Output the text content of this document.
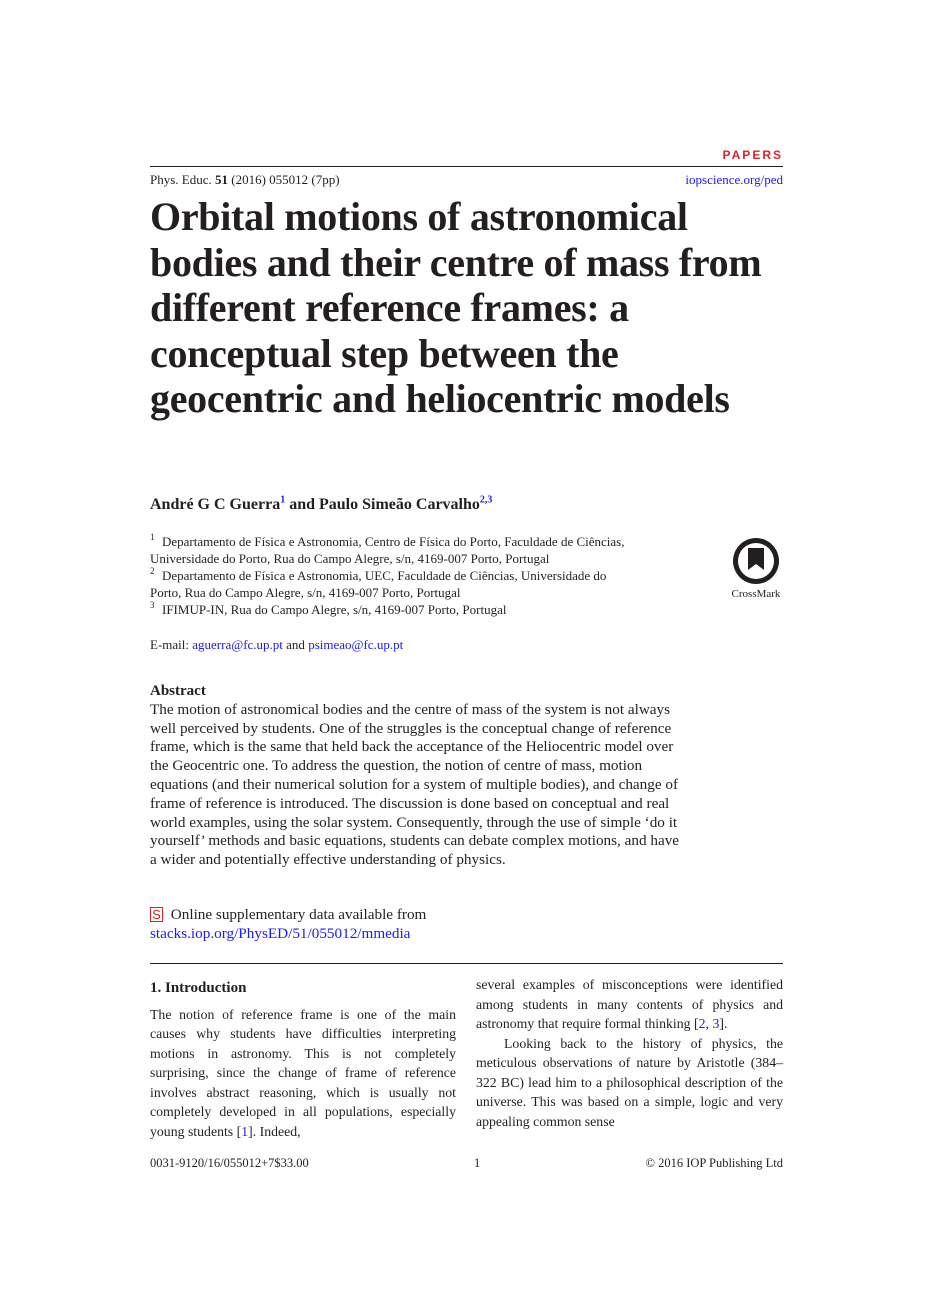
PAPERS
Phys. Educ. 51 (2016) 055012 (7pp)	iopscience.org/ped
Orbital motions of astronomical bodies and their centre of mass from different reference frames: a conceptual step between the geocentric and heliocentric models
André G C Guerra$^1$ and Paulo Simeão Carvalho$^{2,3}$
1 Departamento de Física e Astronomia, Centro de Física do Porto, Faculdade de Ciências,
Universidade do Porto, Rua do Campo Alegre, s/n, 4169-007 Porto, Portugal
2 Departamento de Física e Astronomia, UEC, Faculdade de Ciências, Universidade do
Porto, Rua do Campo Alegre, s/n, 4169-007 Porto, Portugal
3 IFIMUP-IN, Rua do Campo Alegre, s/n, 4169-007 Porto, Portugal
CrossMark
E-mail: aguerra@fc.up.pt and psimeao@fc.up.pt
Abstract
The motion of astronomical bodies and the centre of mass of the system is not always well perceived by students. One of the struggles is the conceptual change of reference frame, which is the same that held back the acceptance of the Heliocentric model over the Geocentric one. To address the question, the notion of centre of mass, motion equations (and their numerical solution for a system of multiple bodies), and change of frame of reference is introduced. The discussion is done based on conceptual and real world examples, using the solar system. Consequently, through the use of simple ‘do it yourself’ methods and basic equations, students can debate complex motions, and have a wider and potentially effective understanding of physics.
S Online supplementary data available from stacks.iop.org/PhysED/51/055012/mmedia
1. Introduction

The notion of reference frame is one of the main causes why students have difficulties interpreting motions in astronomy. This is not completely surprising, since the change of frame of reference involves abstract reasoning, which is usually not completely developed in all populations, especially young students [1]. Indeed,

several examples of misconceptions were identified among students in many contents of physics and astronomy that require formal thinking [2, 3].

Looking back to the history of physics, the meticulous observations of nature by Aristotle (384–322 BC) lead him to a philosophical description of the universe. This was based on a simple, logic and very appealing common sense

0031-9120/16/055012+7$33.00	1	© 2016 IOP Publishing Ltd
